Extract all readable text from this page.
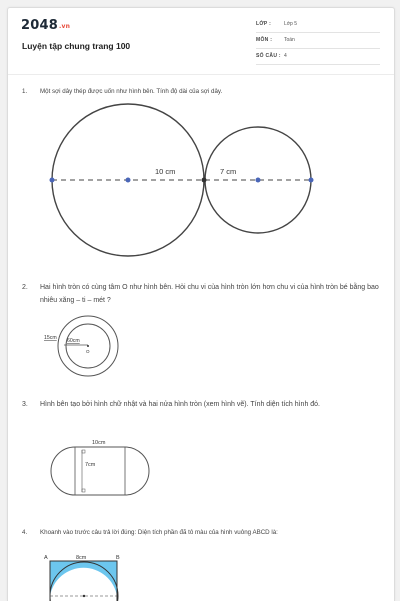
2048.vn
Luyện tập chung trang 100
LỚP :	Lớp 5
MÔN : Toán
SỐ CÂU : 4
1. Một sợi dây thép được uốn như hình bên. Tính độ dài của sợi dây.
10 cm	7 cm
2. Hai hình tròn có cùng tâm O như hình bên. Hỏi chu vi của hình tròn lớn hơn chu vi của hình tròn bé bằng bao nhiêu xăng – ti – mét ?
15cm 60cm
O
3. Hình bên tạo bởi hình chữ nhật và hai nửa hình tròn (xem hình vẽ). Tính diện tích hình đó.
10cm
7cm
4. Khoanh vào trước câu trả lời đúng: Diện tích phần đã tô màu của hình vuông ABCD là:
A	B
8cm
